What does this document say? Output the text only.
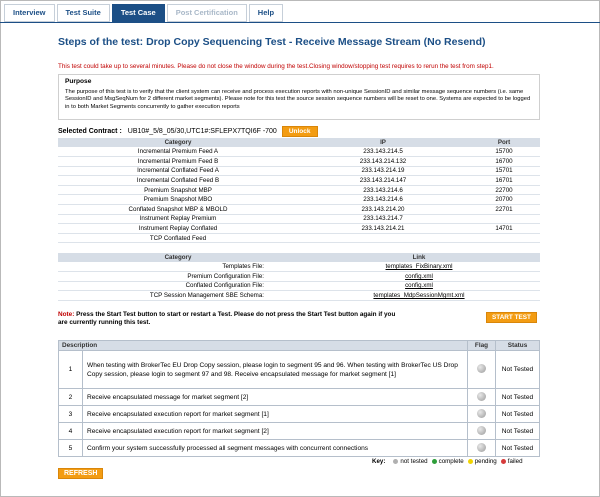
Interview	Test Suite	Test Case	Post Certification	Help
Steps of the test: Drop Copy Sequencing Test - Receive Message Stream (No Resend)
This test could take up to several minutes. Please do not close the window during the test.Closing window/stopping test requires to rerun the test from step1.
Purpose
The purpose of this test is to verify that the client system can receive and process execution reports with non-unique SessionID and similar message sequence numbers (i.e. same SessionID and MsgSeqNum for 2 different market segments). Please note for this test the source session sequence numbers will be reset to one. Systems are expected to be logged in to both Market Segments concurrently to gather execution reports
Selected Contract : UB10#_5/8_05/30,UTC1#:SFLEPX7TQI6F -700	Unlock
Category	IP	Port
Incremental Premium Feed A	233.143.214.5	15700
Incremental Premium Feed B	233.143.214.132	16700
Incremental Conflated Feed A	233.143.214.19	15701
Incremental Conflated Feed B	233.143.214.147	16701
Premium Snapshot MBP	233.143.214.6	22700
Premium Snapshot MBO	233.143.214.6	20700
Conflated Snapshot MBP & MBOLD	233.143.214.20	22701
Instrument Replay Premium	233.143.214.7	
Instrument Replay Conflated	233.143.214.21	14701
TCP Conflated Feed		
Category	Link
Templates File:	templates_FixBinary.xml
Premium Configuration File:	config.xml
Conflated Configuration File:	config.xml
TCP Session Management SBE Schema:	templates_MdpSessionMgmt.xml
Note: Press the Start Test button to start or restart a Test. Please do not press the Start Test button again if you are currently running this test.
START TEST
Description		Flag	Status
1	When testing with BrokerTec EU Drop Copy session, please login to segment 95 and 96. When testing with BrokerTec US Drop Copy session, please login to segment 97 and 98. Receive encapsulated message for market segment [1]		Not Tested
2	Receive encapsulated message for market segment [2]		Not Tested
3	Receive encapsulated execution report for market segment [1]		Not Tested
4	Receive encapsulated execution report for market segment [2]		Not Tested
5	Confirm your system successfully processed all segment messages with concurrent connections		Not Tested
Key: not tested complete pending failed
REFRESH
